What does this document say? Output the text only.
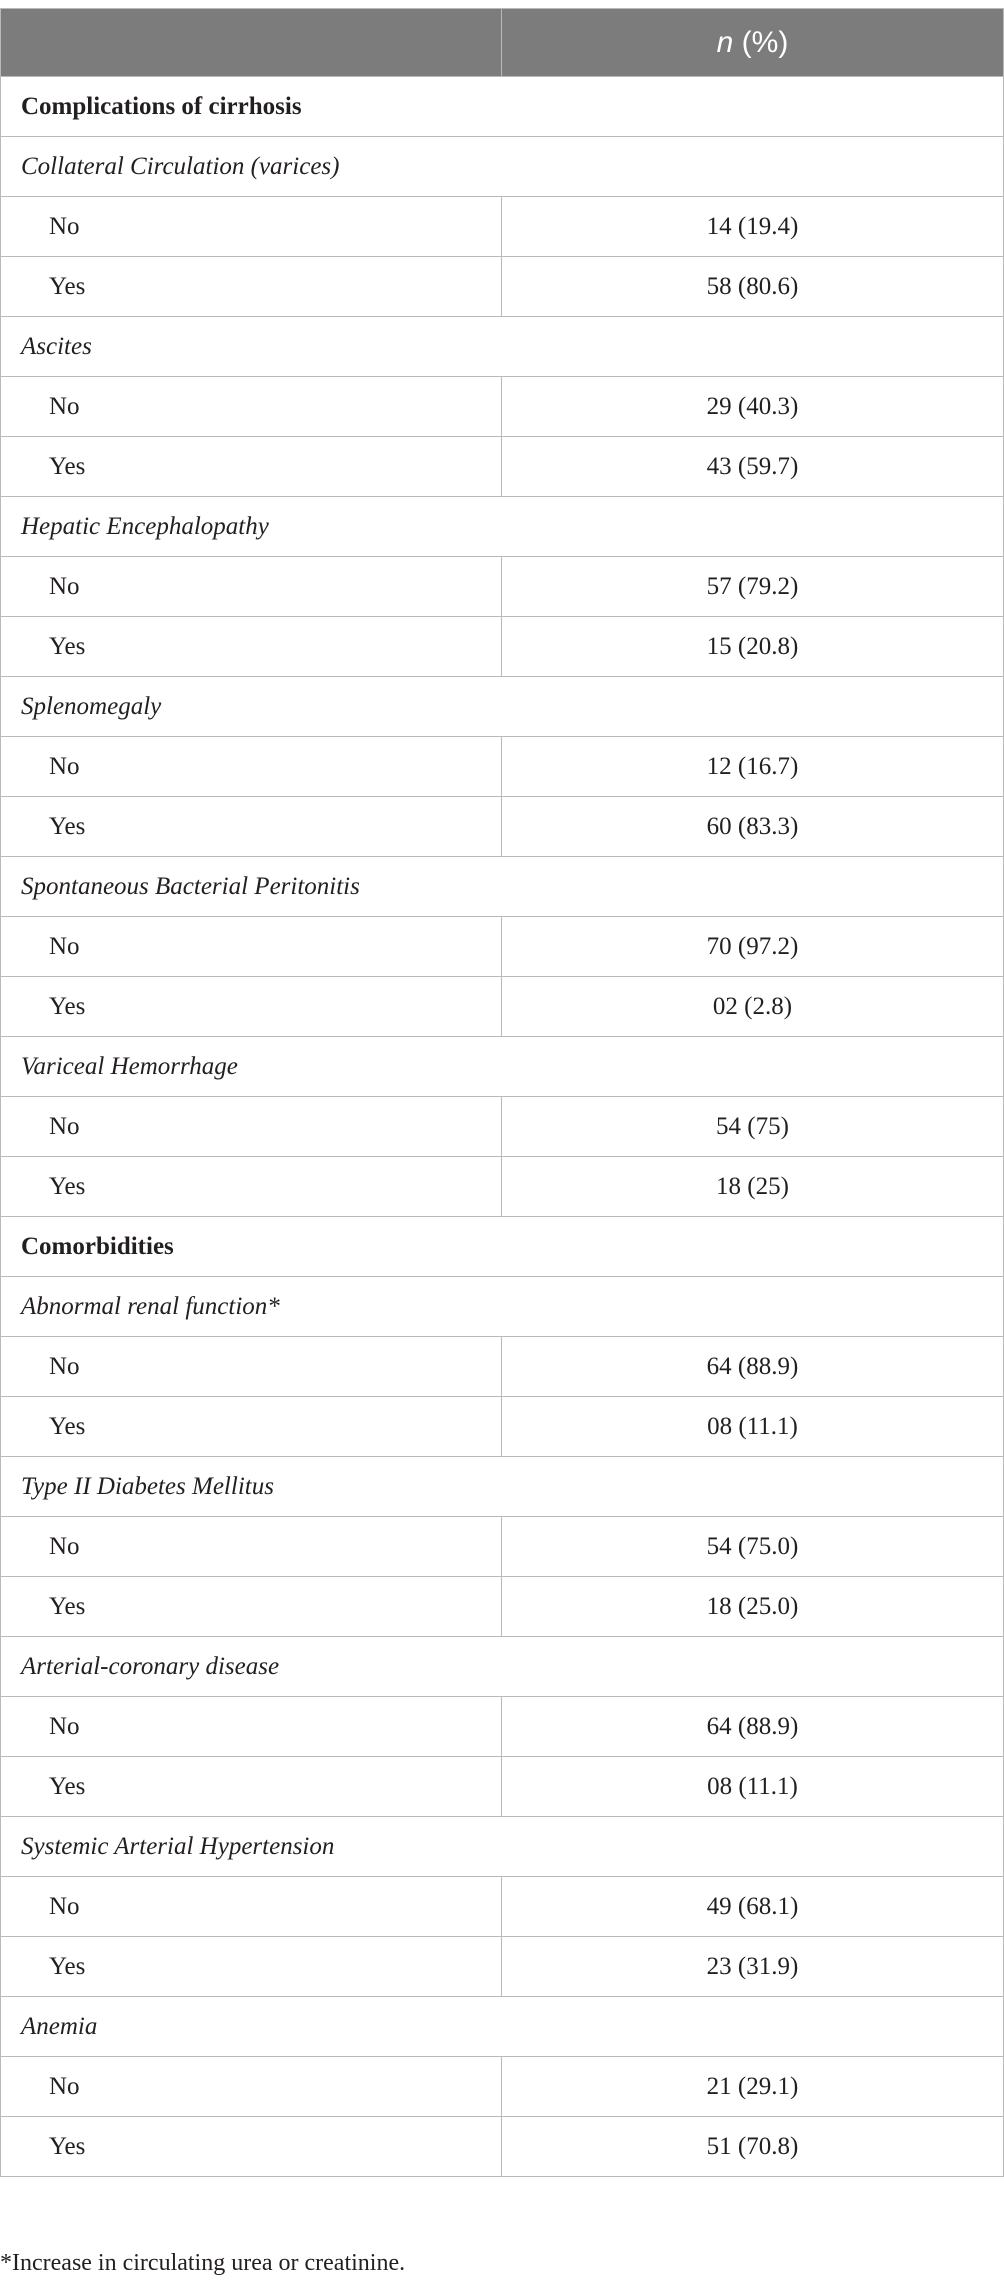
	n (%)
Complications of cirrhosis	
Collateral Circulation (varices)	
No	14 (19.4)
Yes	58 (80.6)
Ascites	
No	29 (40.3)
Yes	43 (59.7)
Hepatic Encephalopathy	
No	57 (79.2)
Yes	15 (20.8)
Splenomegaly	
No	12 (16.7)
Yes	60 (83.3)
Spontaneous Bacterial Peritonitis	
No	70 (97.2)
Yes	02 (2.8)
Variceal Hemorrhage	
No	54 (75)
Yes	18 (25)
Comorbidities	
Abnormal renal function*	
No	64 (88.9)
Yes	08 (11.1)
Type II Diabetes Mellitus	
No	54 (75.0)
Yes	18 (25.0)
Arterial-coronary disease	
No	64 (88.9)
Yes	08 (11.1)
Systemic Arterial Hypertension	
No	49 (68.1)
Yes	23 (31.9)
Anemia	
No	21 (29.1)
Yes	51 (70.8)
*Increase in circulating urea or creatinine.
